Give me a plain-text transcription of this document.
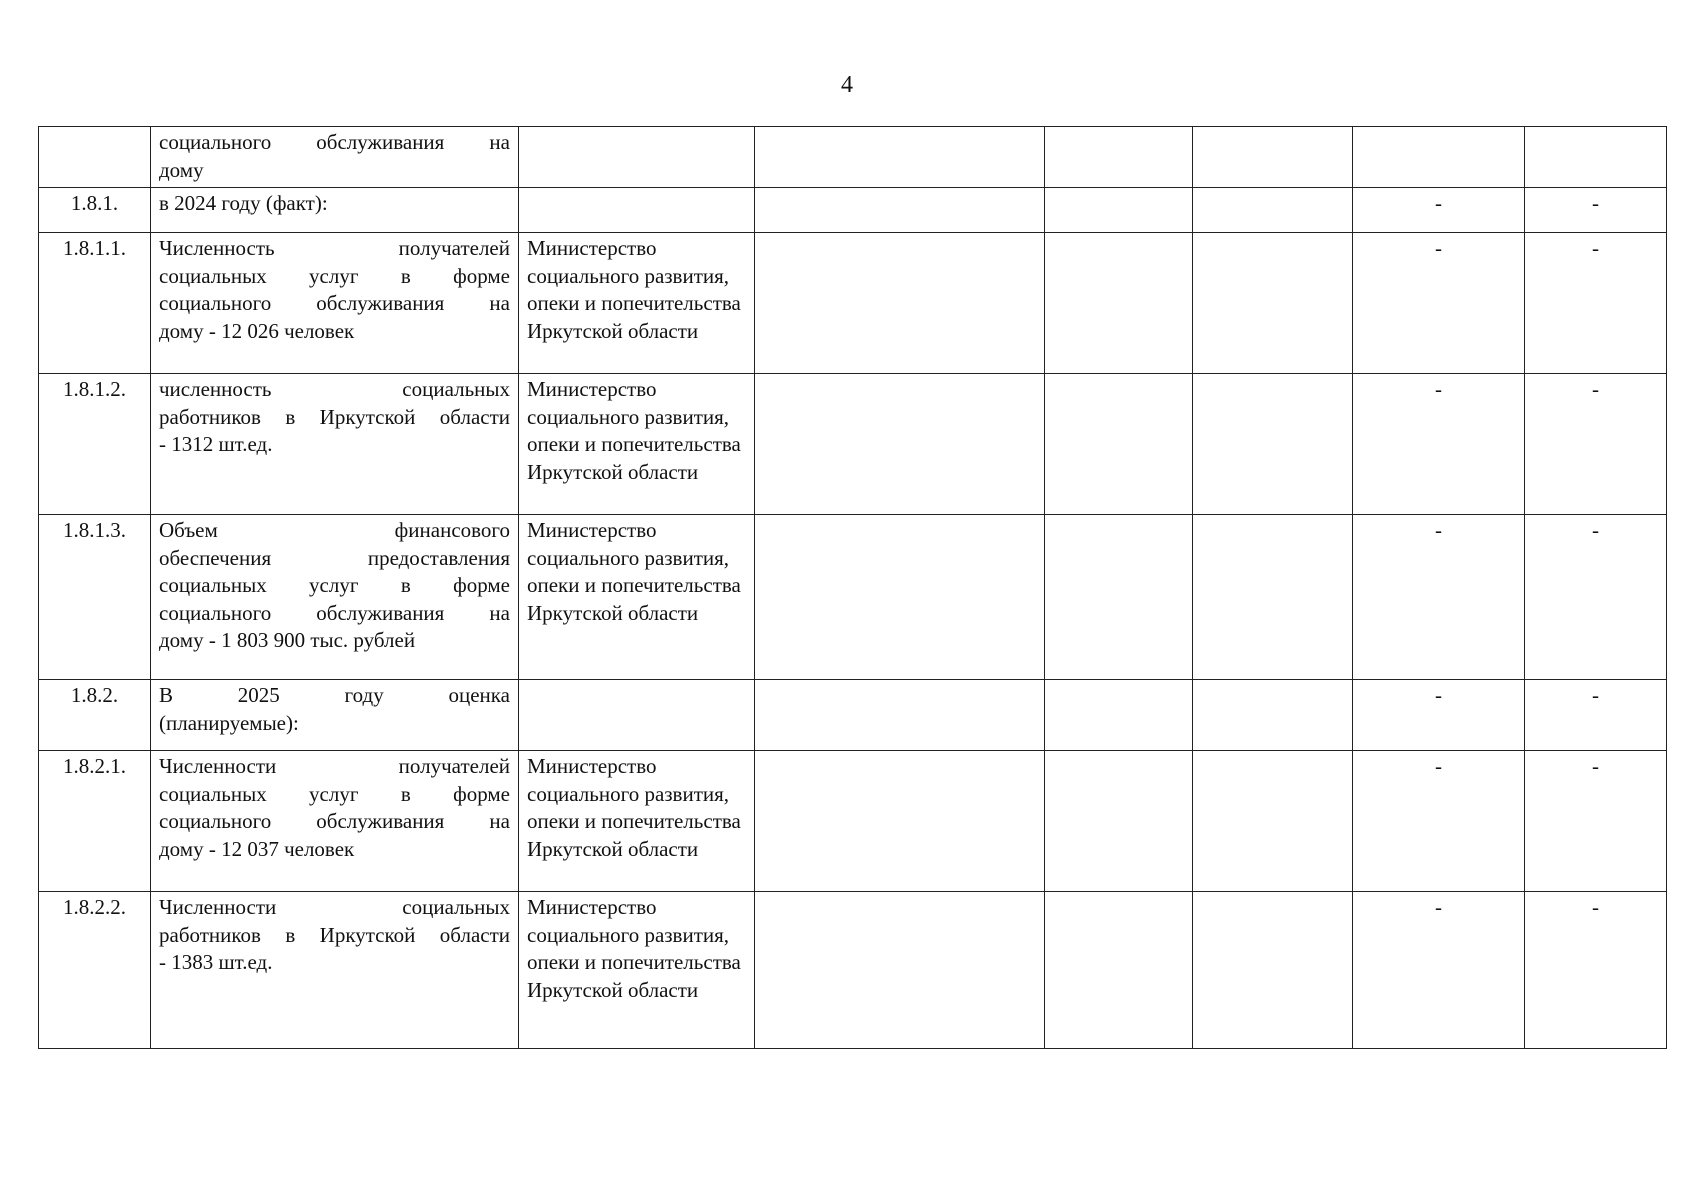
4

	социального обслуживания на
дому						

1.8.1.	в 2024 году (факт):					-	-
1.8.1.1.	Численность получателей
социальных услуг в форме
социального обслуживания на
дому - 12 026 человек	Министерство социального развития, опеки и попечительства Иркутской области				-	-
1.8.1.2.	численность социальных
работников в Иркутской области
- 1312 шт.ед.	Министерство социального развития, опеки и попечительства Иркутской области				-	-
1.8.1.3.	Объем финансового
обеспечения предоставления
социальных услуг в форме
социального обслуживания на
дому - 1 803 900 тыс. рублей	Министерство социального развития, опеки и попечительства Иркутской области				-	-
1.8.2.	В 2025 году оценка
(планируемые):					-	-
1.8.2.1.	Численности получателей
социальных услуг в форме
социального обслуживания на
дому - 12 037 человек	Министерство социального развития, опеки и попечительства Иркутской области				-	-
1.8.2.2.	Численности социальных
работников в Иркутской области
- 1383 шт.ед.	Министерство социального развития, опеки и попечительства Иркутской области				-	-
